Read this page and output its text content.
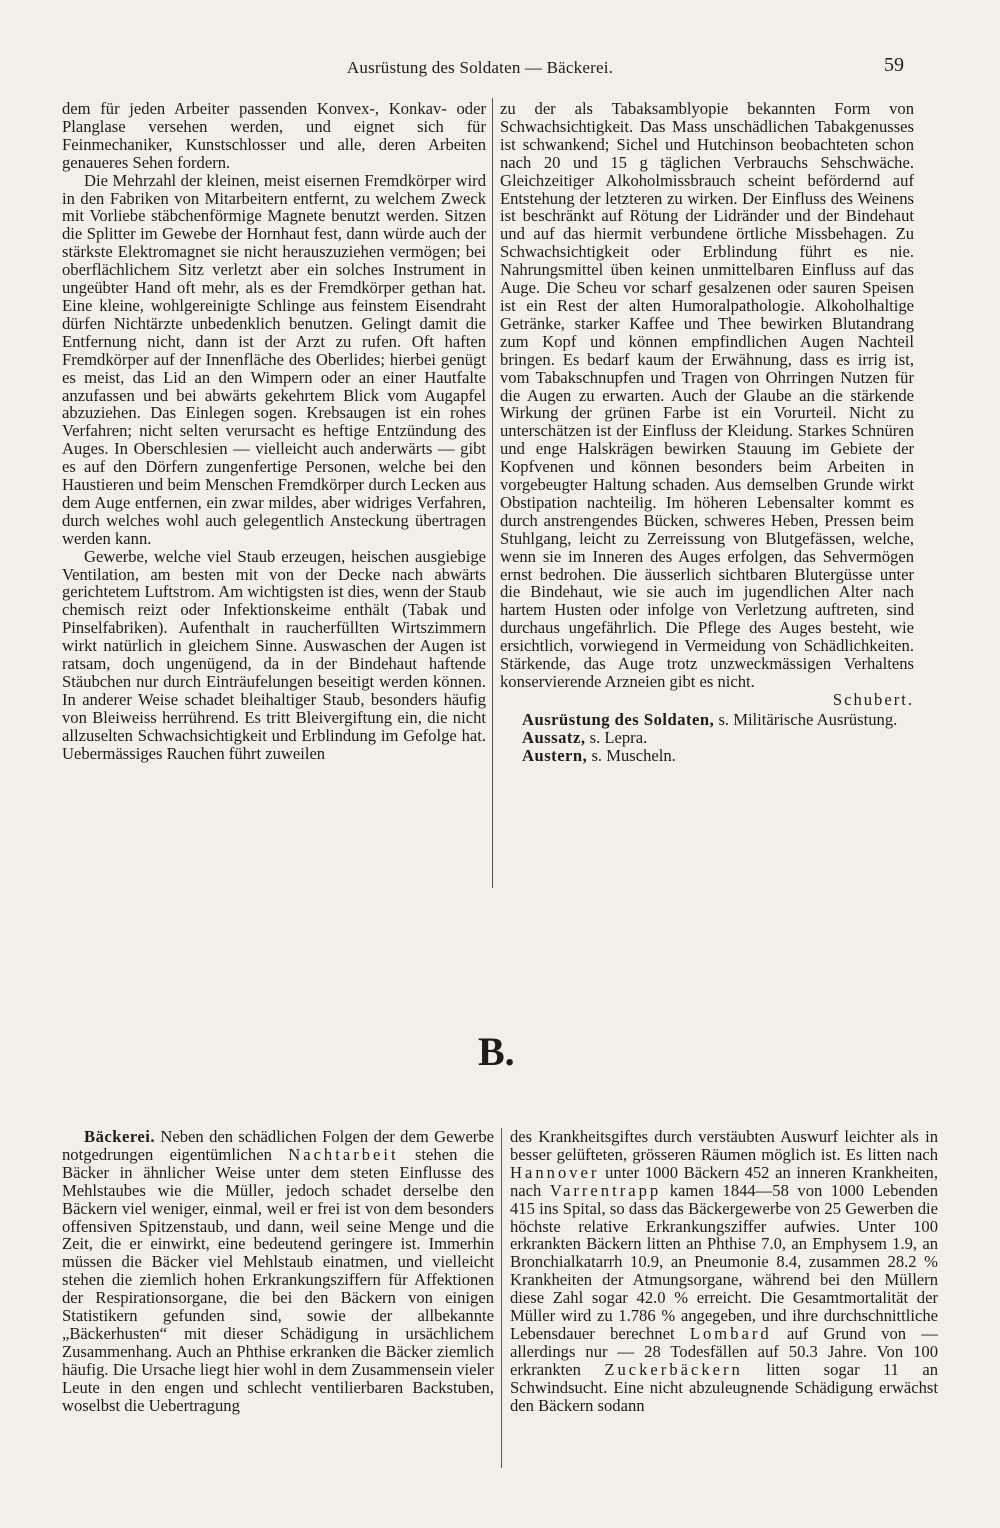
Ausrüstung des Soldaten — Bäckerei.	59

dem für jeden Arbeiter passenden Konvex-, Konkav- oder Planglase versehen werden, und eignet sich für Feinmechaniker, Kunstschlosser und alle, deren Arbeiten genaueres Sehen fordern.

Die Mehrzahl der kleinen, meist eisernen Fremdkörper wird in den Fabriken von Mitarbeitern entfernt, zu welchem Zweck mit Vorliebe stäbchenförmige Magnete benutzt werden. Sitzen die Splitter im Gewebe der Hornhaut fest, dann würde auch der stärkste Elektromagnet sie nicht herauszuziehen vermögen; bei oberflächlichem Sitz verletzt aber ein solches Instrument in ungeübter Hand oft mehr, als es der Fremdkörper gethan hat. Eine kleine, wohlgereinigte Schlinge aus feinstem Eisendraht dürfen Nichtärzte unbedenklich benutzen. Gelingt damit die Entfernung nicht, dann ist der Arzt zu rufen. Oft haften Fremdkörper auf der Innenfläche des Oberlides; hierbei genügt es meist, das Lid an den Wimpern oder an einer Hautfalte anzufassen und bei abwärts gekehrtem Blick vom Augapfel abzuziehen. Das Einlegen sogen. Krebsaugen ist ein rohes Verfahren; nicht selten verursacht es heftige Entzündung des Auges. In Oberschlesien — vielleicht auch anderwärts — gibt es auf den Dörfern zungenfertige Personen, welche bei den Haustieren und beim Menschen Fremdkörper durch Lecken aus dem Auge entfernen, ein zwar mildes, aber widriges Verfahren, durch welches wohl auch gelegentlich Ansteckung übertragen werden kann.

Gewerbe, welche viel Staub erzeugen, heischen ausgiebige Ventilation, am besten mit von der Decke nach abwärts gerichtetem Luftstrom. Am wichtigsten ist dies, wenn der Staub chemisch reizt oder Infektionskeime enthält (Tabak und Pinselfabriken). Aufenthalt in raucherfüllten Wirtszimmern wirkt natürlich in gleichem Sinne. Auswaschen der Augen ist ratsam, doch ungenügend, da in der Bindehaut haftende Stäubchen nur durch Einträufelungen beseitigt werden können. In anderer Weise schadet bleihaltiger Staub, besonders häufig von Bleiweiss herrührend. Es tritt Bleivergiftung ein, die nicht allzuselten Schwachsichtigkeit und Erblindung im Gefolge hat. Uebermässiges Rauchen führt zuweilen

zu der als Tabaksamblyopie bekannten Form von Schwachsichtigkeit. Das Mass unschädlichen Tabakgenusses ist schwankend; Sichel und Hutchinson beobachteten schon nach 20 und 15 g täglichen Verbrauchs Sehschwäche. Gleichzeitiger Alkoholmissbrauch scheint befördernd auf Entstehung der letzteren zu wirken. Der Einfluss des Weinens ist beschränkt auf Rötung der Lidränder und der Bindehaut und auf das hiermit verbundene örtliche Missbehagen. Zu Schwachsichtigkeit oder Erblindung führt es nie. Nahrungsmittel üben keinen unmittelbaren Einfluss auf das Auge. Die Scheu vor scharf gesalzenen oder sauren Speisen ist ein Rest der alten Humoralpathologie. Alkoholhaltige Getränke, starker Kaffee und Thee bewirken Blutandrang zum Kopf und können empfindlichen Augen Nachteil bringen. Es bedarf kaum der Erwähnung, dass es irrig ist, vom Tabakschnupfen und Tragen von Ohrringen Nutzen für die Augen zu erwarten. Auch der Glaube an die stärkende Wirkung der grünen Farbe ist ein Vorurteil. Nicht zu unterschätzen ist der Einfluss der Kleidung. Starkes Schnüren und enge Halskrägen bewirken Stauung im Gebiete der Kopfvenen und können besonders beim Arbeiten in vorgebeugter Haltung schaden. Aus demselben Grunde wirkt Obstipation nachteilig. Im höheren Lebensalter kommt es durch anstrengendes Bücken, schweres Heben, Pressen beim Stuhlgang, leicht zu Zerreissung von Blutgefässen, welche, wenn sie im Inneren des Auges erfolgen, das Sehvermögen ernst bedrohen. Die äusserlich sichtbaren Blutergüsse unter die Bindehaut, wie sie auch im jugendlichen Alter nach hartem Husten oder infolge von Verletzung auftreten, sind durchaus ungefährlich. Die Pflege des Auges besteht, wie ersichtlich, vorwiegend in Vermeidung von Schädlichkeiten. Stärkende, das Auge trotz unzweckmässigen Verhaltens konservierende Arzneien gibt es nicht.

Schubert.

Ausrüstung des Soldaten, s. Militärische Ausrüstung.
Aussatz, s. Lepra.
Austern, s. Muscheln.
B.

Bäckerei. Neben den schädlichen Folgen der dem Gewerbe notgedrungen eigentümlichen Nachtarbeit stehen die Bäcker in ähnlicher Weise unter dem steten Einflusse des Mehlstaubes wie die Müller, jedoch schadet derselbe den Bäckern viel weniger, einmal, weil er frei ist von dem besonders offensiven Spitzenstaub, und dann, weil seine Menge und die Zeit, die er einwirkt, eine bedeutend geringere ist. Immerhin müssen die Bäcker viel Mehlstaub einatmen, und vielleicht stehen die ziemlich hohen Erkrankungsziffern für Affektionen der Respirationsorgane, die bei den Bäckern von einigen Statistikern gefunden sind, sowie der allbekannte „Bäckerhusten“ mit dieser Schädigung in ursächlichem Zusammenhang. Auch an Phthise erkranken die Bäcker ziemlich häufig. Die Ursache liegt hier wohl in dem Zusammensein vieler Leute in den engen und schlecht ventilierbaren Backstuben, woselbst die Uebertragung

des Krankheitsgiftes durch verstäubten Auswurf leichter als in besser gelüfteten, grösseren Räumen möglich ist. Es litten nach Hannover unter 1000 Bäckern 452 an inneren Krankheiten, nach Varrentrapp kamen 1844—58 von 1000 Lebenden 415 ins Spital, so dass das Bäckergewerbe von 25 Gewerben die höchste relative Erkrankungsziffer aufwies. Unter 100 erkrankten Bäckern litten an Phthise 7.0, an Emphysem 1.9, an Bronchialkatarrh 10.9, an Pneumonie 8.4, zusammen 28.2 % Krankheiten der Atmungsorgane, während bei den Müllern diese Zahl sogar 42.0 % erreicht. Die Gesamtmortalität der Müller wird zu 1.786 % angegeben, und ihre durchschnittliche Lebensdauer berechnet Lombard auf Grund von — allerdings nur — 28 Todesfällen auf 50.3 Jahre. Von 100 erkrankten Zuckerbäckern litten sogar 11 an Schwindsucht. Eine nicht abzuleugnende Schädigung erwächst den Bäckern sodann
